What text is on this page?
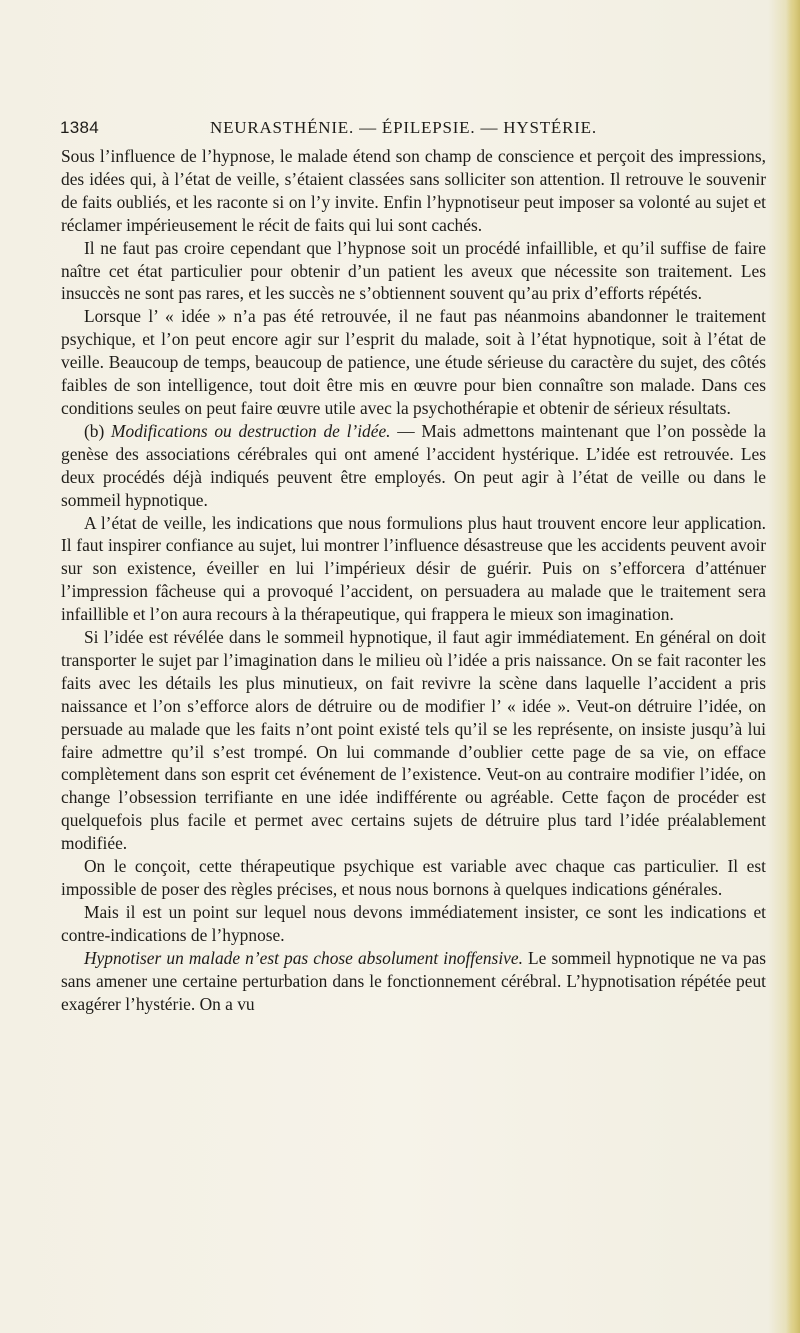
1384	NEURASTHÉNIE. — ÉPILEPSIE. — HYSTÉRIE.

Sous l’influence de l’hypnose, le malade étend son champ de conscience et perçoit des impressions, des idées qui, à l’état de veille, s’étaient classées sans solliciter son attention. Il retrouve le souvenir de faits oubliés, et les raconte si on l’y invite. Enfin l’hypnotiseur peut imposer sa volonté au sujet et réclamer impérieusement le récit de faits qui lui sont cachés.

Il ne faut pas croire cependant que l’hypnose soit un procédé infaillible, et qu’il suffise de faire naître cet état particulier pour obtenir d’un patient les aveux que nécessite son traitement. Les insuccès ne sont pas rares, et les succès ne s’obtiennent souvent qu’au prix d’efforts répétés.

Lorsque l’ « idée » n’a pas été retrouvée, il ne faut pas néanmoins abandonner le traitement psychique, et l’on peut encore agir sur l’esprit du malade, soit à l’état hypnotique, soit à l’état de veille. Beaucoup de temps, beaucoup de patience, une étude sérieuse du caractère du sujet, des côtés faibles de son intelligence, tout doit être mis en œuvre pour bien connaître son malade. Dans ces conditions seules on peut faire œuvre utile avec la psychothérapie et obtenir de sérieux résultats.

(b) Modifications ou destruction de l’idée. — Mais admettons maintenant que l’on possède la genèse des associations cérébrales qui ont amené l’accident hystérique. L’idée est retrouvée. Les deux procédés déjà indiqués peuvent être employés. On peut agir à l’état de veille ou dans le sommeil hypnotique.

A l’état de veille, les indications que nous formulions plus haut trouvent encore leur application. Il faut inspirer confiance au sujet, lui montrer l’influence désastreuse que les accidents peuvent avoir sur son existence, éveiller en lui l’impérieux désir de guérir. Puis on s’efforcera d’atténuer l’impression fâcheuse qui a provoqué l’accident, on persuadera au malade que le traitement sera infaillible et l’on aura recours à la thérapeutique, qui frappera le mieux son imagination.

Si l’idée est révélée dans le sommeil hypnotique, il faut agir immédiatement. En général on doit transporter le sujet par l’imagination dans le milieu où l’idée a pris naissance. On se fait raconter les faits avec les détails les plus minutieux, on fait revivre la scène dans laquelle l’accident a pris naissance et l’on s’efforce alors de détruire ou de modifier l’ « idée ». Veut-on détruire l’idée, on persuade au malade que les faits n’ont point existé tels qu’il se les représente, on insiste jusqu’à lui faire admettre qu’il s’est trompé. On lui commande d’oublier cette page de sa vie, on efface complètement dans son esprit cet événement de l’existence. Veut-on au contraire modifier l’idée, on change l’obsession terrifiante en une idée indifférente ou agréable. Cette façon de procéder est quelquefois plus facile et permet avec certains sujets de détruire plus tard l’idée préalablement modifiée.

On le conçoit, cette thérapeutique psychique est variable avec chaque cas particulier. Il est impossible de poser des règles précises, et nous nous bornons à quelques indications générales.

Mais il est un point sur lequel nous devons immédiatement insister, ce sont les indications et contre-indications de l’hypnose.

Hypnotiser un malade n’est pas chose absolument inoffensive. Le sommeil hypnotique ne va pas sans amener une certaine perturbation dans le fonctionnement cérébral. L’hypnotisation répétée peut exagérer l’hystérie. On a vu
